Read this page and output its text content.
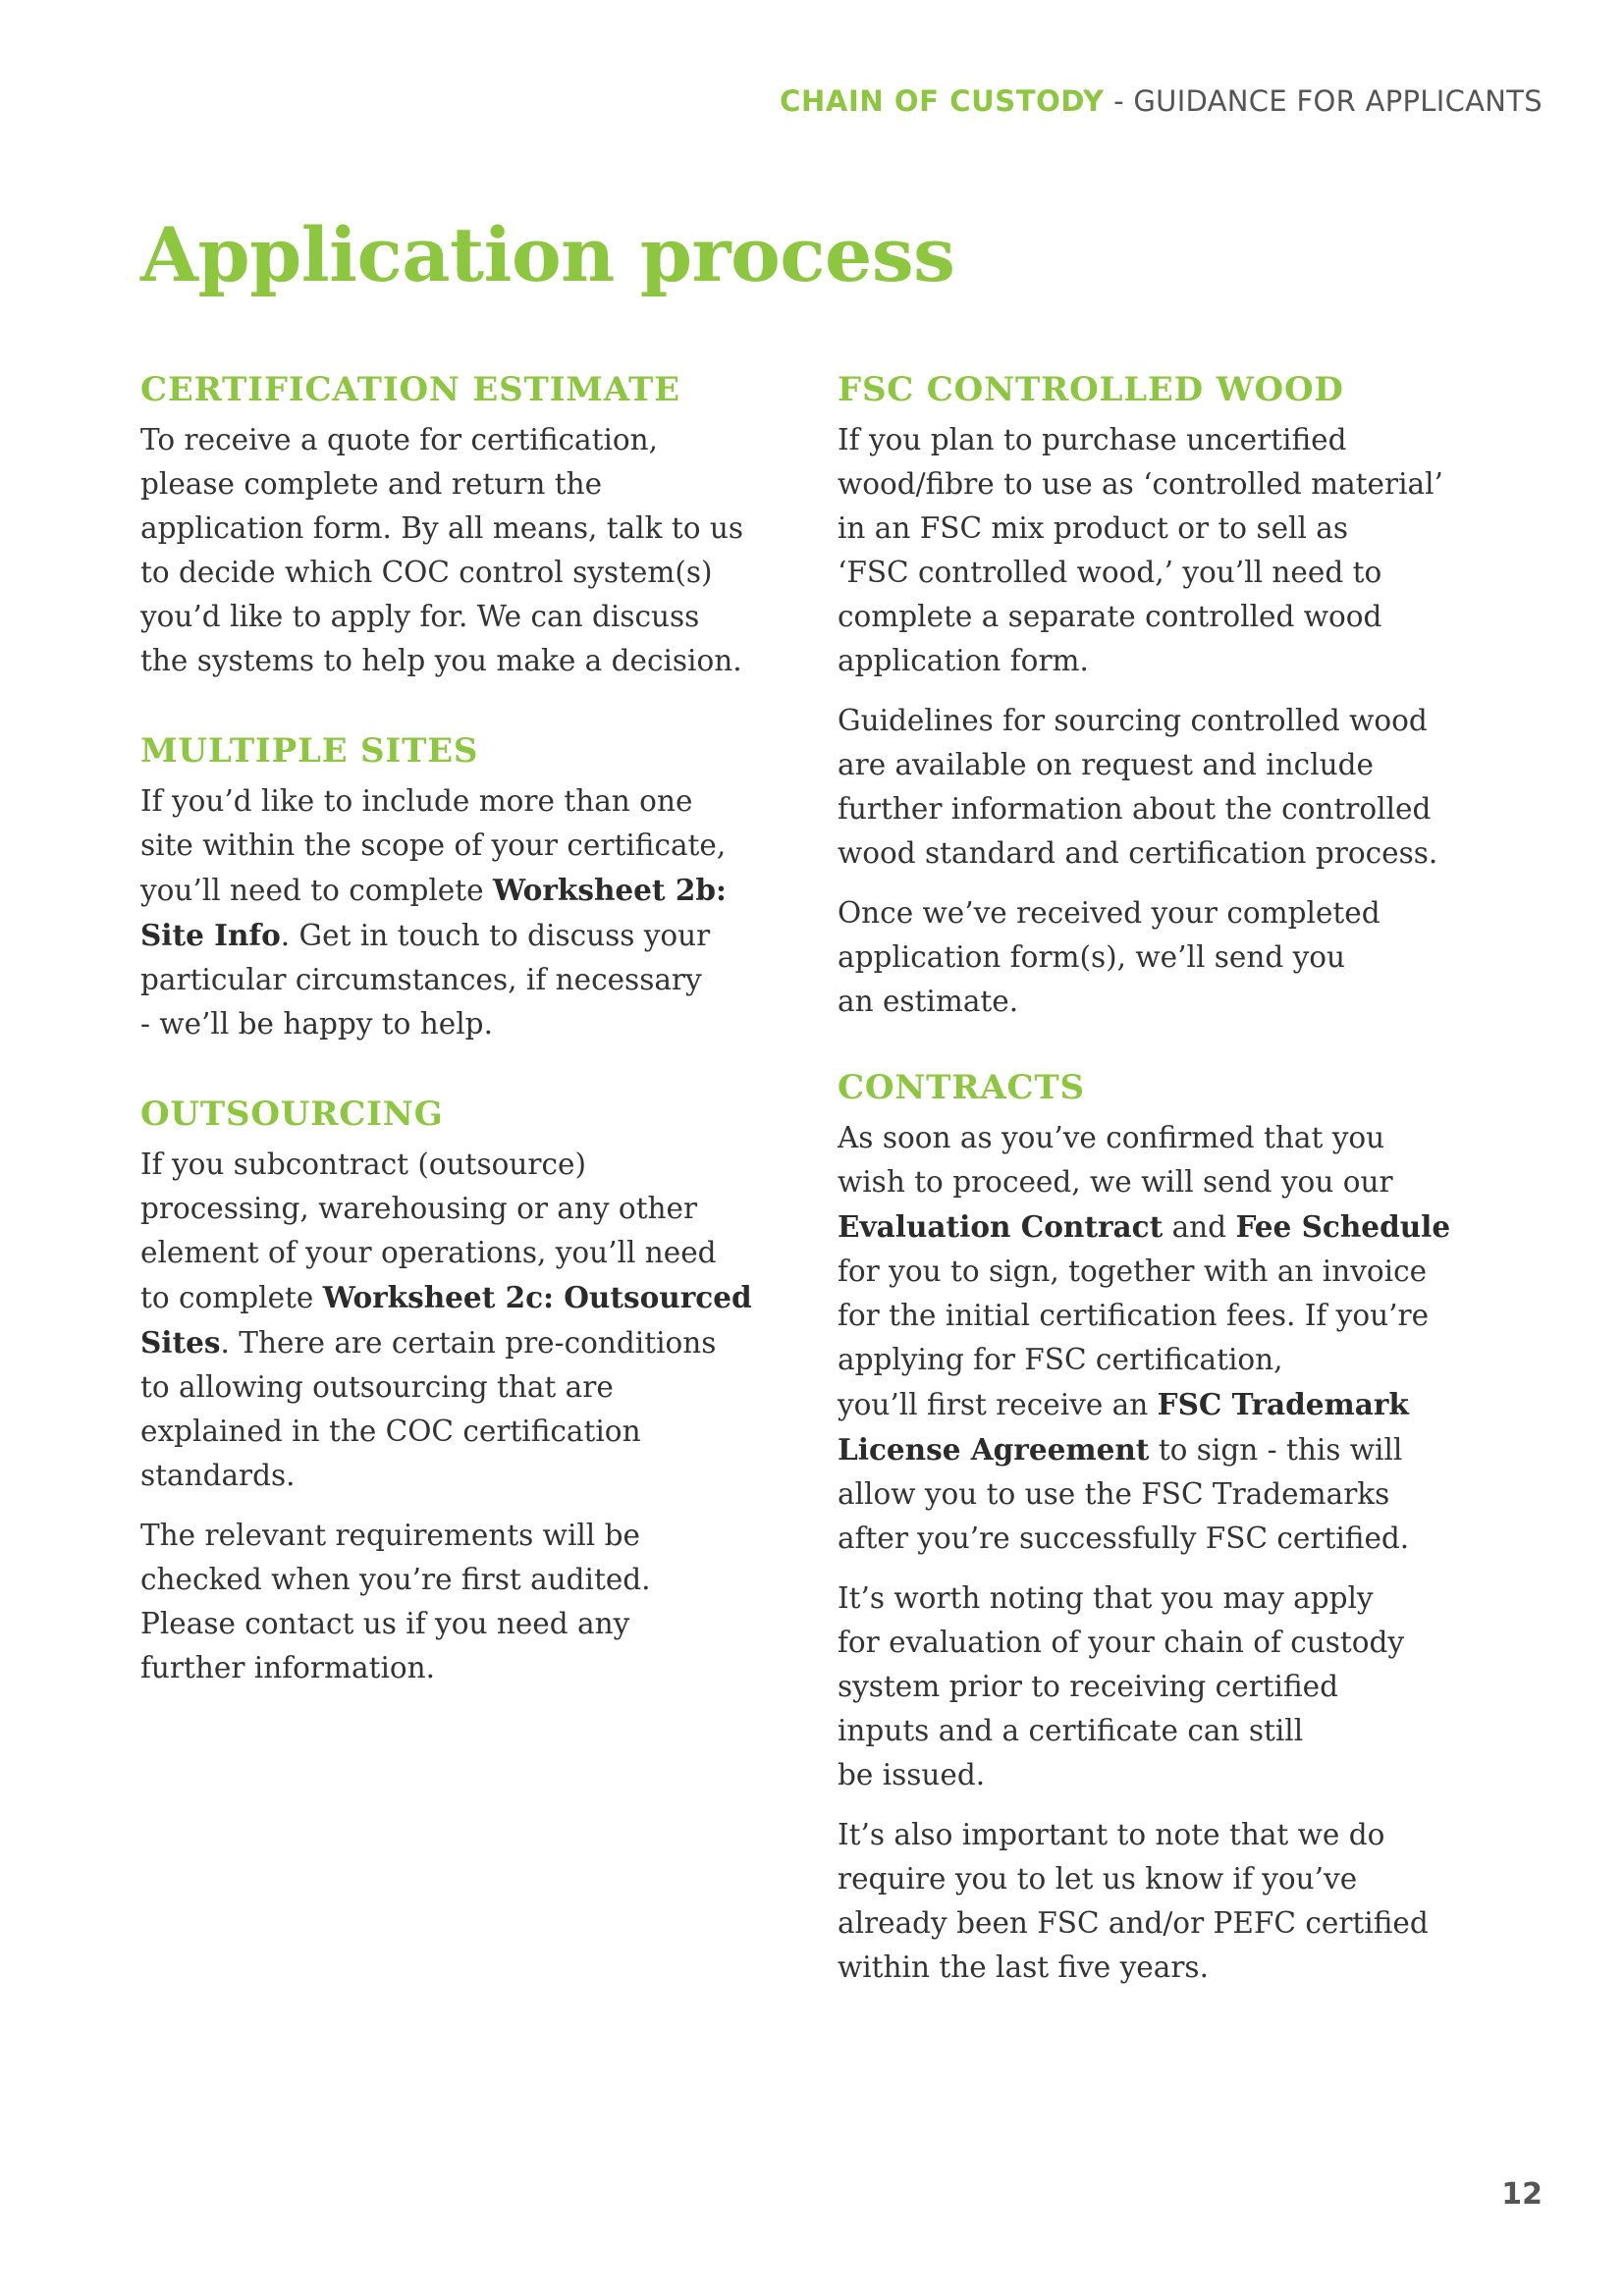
CHAIN OF CUSTODY - GUIDANCE FOR APPLICANTS
Application process
CERTIFICATION ESTIMATE

To receive a quote for certification,
please complete and return the
application form. By all means, talk to us
to decide which COC control system(s)
you’d like to apply for. We can discuss
the systems to help you make a decision.

MULTIPLE SITES

If you’d like to include more than one
site within the scope of your certificate,
you’ll need to complete Worksheet 2b:
Site Info. Get in touch to discuss your
particular circumstances, if necessary
- we’ll be happy to help.

OUTSOURCING

If you subcontract (outsource)
processing, warehousing or any other
element of your operations, you’ll need
to complete Worksheet 2c: Outsourced
Sites. There are certain pre-conditions
to allowing outsourcing that are
explained in the COC certification
standards.

The relevant requirements will be
checked when you’re first audited.
Please contact us if you need any
further information.

FSC CONTROLLED WOOD

If you plan to purchase uncertified
wood/fibre to use as ‘controlled material’
in an FSC mix product or to sell as
‘FSC controlled wood,’ you’ll need to
complete a separate controlled wood
application form.

Guidelines for sourcing controlled wood
are available on request and include
further information about the controlled
wood standard and certification process.

Once we’ve received your completed
application form(s), we’ll send you
an estimate.

CONTRACTS

As soon as you’ve confirmed that you
wish to proceed, we will send you our
Evaluation Contract and Fee Schedule
for you to sign, together with an invoice
for the initial certification fees. If you’re
applying for FSC certification,
you’ll first receive an FSC Trademark
License Agreement to sign - this will
allow you to use the FSC Trademarks
after you’re successfully FSC certified.

It’s worth noting that you may apply
for evaluation of your chain of custody
system prior to receiving certified
inputs and a certificate can still
be issued.

It’s also important to note that we do
require you to let us know if you’ve
already been FSC and/or PEFC certified
within the last five years.

12
